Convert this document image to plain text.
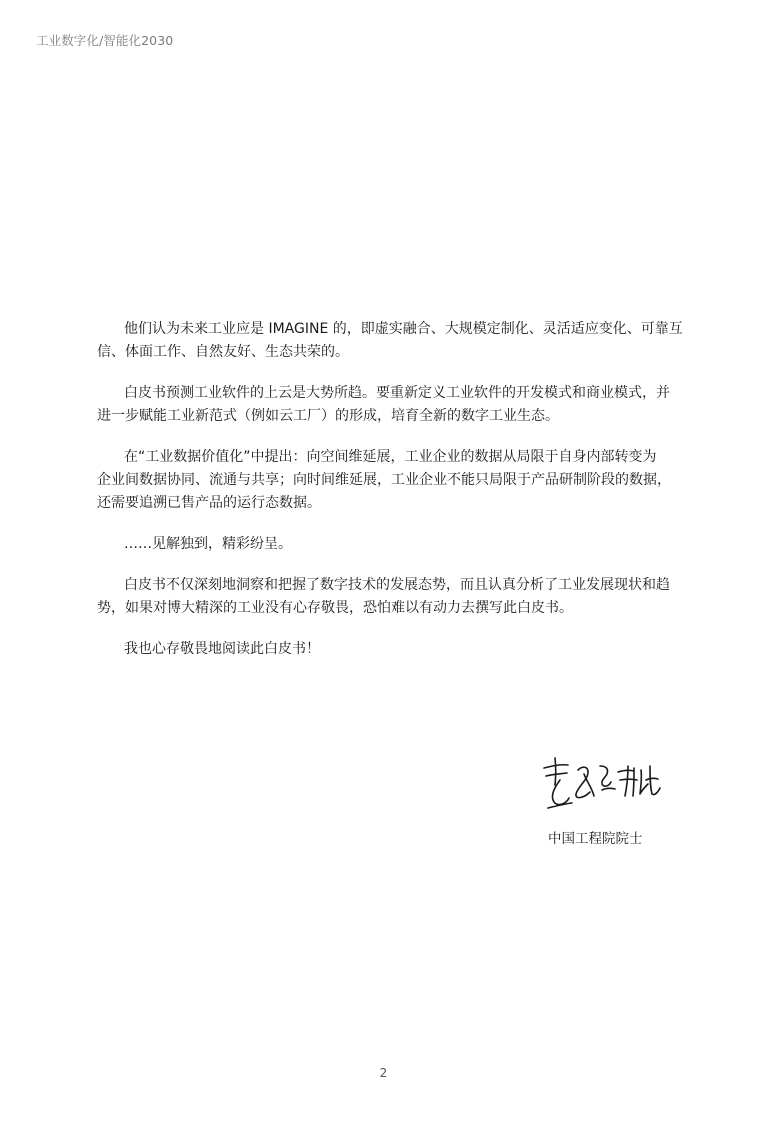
工业数字化/智能化2030

他们认为未来工业应是 IMAGINE 的，即虚实融合、大规模定制化、灵活适应变化、可靠互
信、体面工作、自然友好、生态共荣的。

白皮书预测工业软件的上云是大势所趋。要重新定义工业软件的开发模式和商业模式，并
进一步赋能工业新范式（例如云工厂）的形成，培育全新的数字工业生态。

在“工业数据价值化”中提出：向空间维延展，工业企业的数据从局限于自身内部转变为
企业间数据协同、流通与共享；向时间维延展，工业企业不能只局限于产品研制阶段的数据，
还需要追溯已售产品的运行态数据。

……见解独到，精彩纷呈。

白皮书不仅深刻地洞察和把握了数字技术的发展态势，而且认真分析了工业发展现状和趋
势，如果对博大精深的工业没有心存敬畏，恐怕难以有动力去撰写此白皮书。

我也心存敬畏地阅读此白皮书！

中国工程院院士
2
